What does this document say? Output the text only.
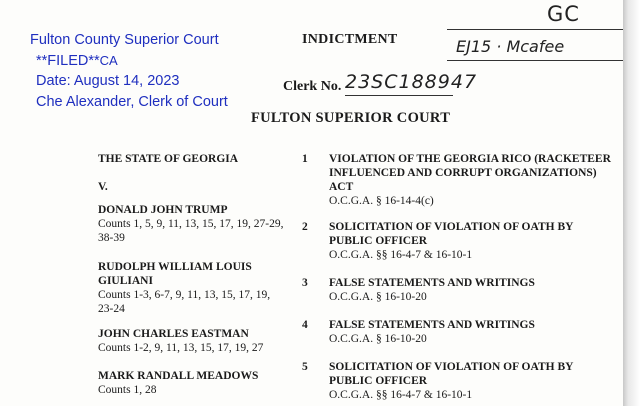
Fulton County Superior Court
**FILED**CA
Date: August 14, 2023
Che Alexander, Clerk of Court
GC
INDICTMENT	EJ15 · Mcafee
Clerk No. 23SC188947
FULTON SUPERIOR COURT
THE STATE OF GEORGIA
V.
DONALD JOHN TRUMP
Counts 1, 5, 9, 11, 13, 15, 17, 19, 27-29, 38-39
RUDOLPH WILLIAM LOUIS GIULIANI
Counts 1-3, 6-7, 9, 11, 13, 15, 17, 19, 23-24
JOHN CHARLES EASTMAN
Counts 1-2, 9, 11, 13, 15, 17, 19, 27
MARK RANDALL MEADOWS
Counts 1, 28
1	VIOLATION OF THE GEORGIA RICO (RACKETEER INFLUENCED AND CORRUPT ORGANIZATIONS) ACT
O.C.G.A. § 16-14-4(c)
2	SOLICITATION OF VIOLATION OF OATH BY PUBLIC OFFICER
O.C.G.A. §§ 16-4-7 & 16-10-1
3	FALSE STATEMENTS AND WRITINGS
O.C.G.A. § 16-10-20
4	FALSE STATEMENTS AND WRITINGS
O.C.G.A. § 16-10-20
5	SOLICITATION OF VIOLATION OF OATH BY PUBLIC OFFICER
O.C.G.A. §§ 16-4-7 & 16-10-1
